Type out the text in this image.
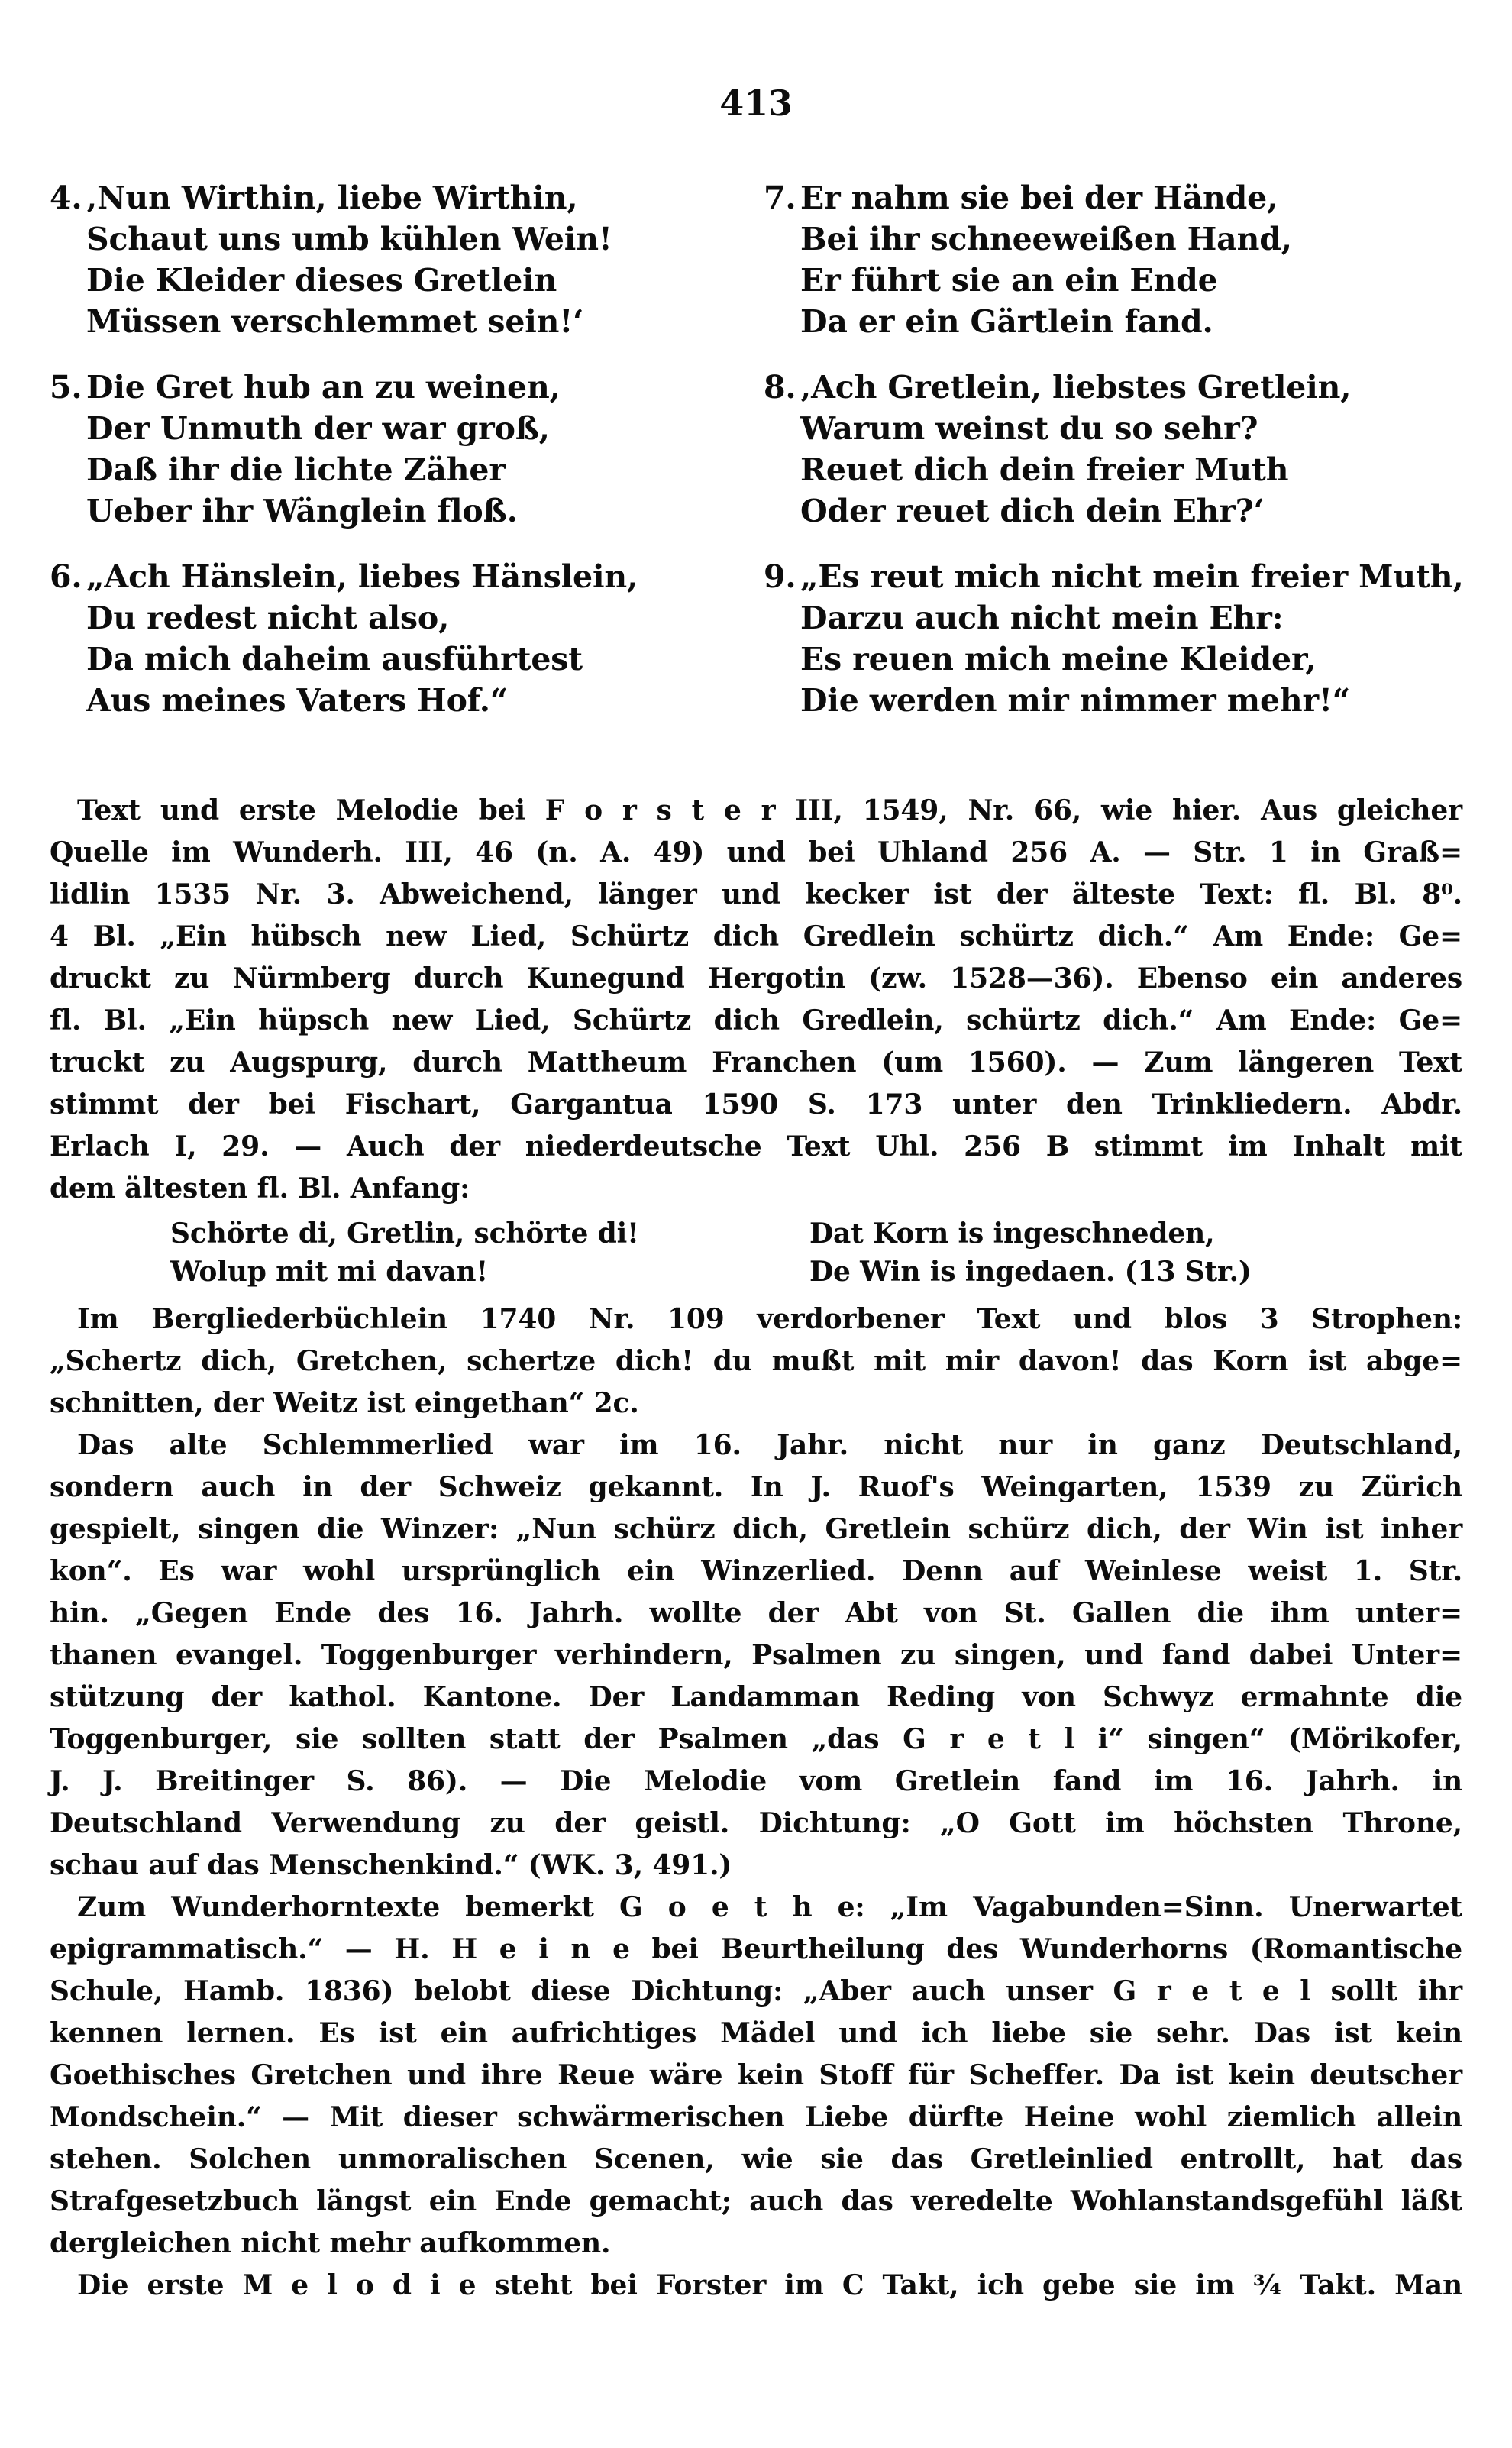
413
4. ‚Nun Wirthin, liebe Wirthin,
Schaut uns umb kühlen Wein!
Die Kleider dieses Gretlein
Müssen verschlemmet sein!‘
5. Die Gret hub an zu weinen,
Der Unmuth der war groß,
Daß ihr die lichte Zäher
Ueber ihr Wänglein floß.
6. „Ach Hänslein, liebes Hänslein,
Du redest nicht also,
Da mich daheim ausführtest
Aus meines Vaters Hof.“
7. Er nahm sie bei der Hände,
Bei ihr schneeweißen Hand,
Er führt sie an ein Ende
Da er ein Gärtlein fand.
8. ‚Ach Gretlein, liebstes Gretlein,
Warum weinst du so sehr?
Reuet dich dein freier Muth
Oder reuet dich dein Ehr?‘
9. „Es reut mich nicht mein freier Muth,
Darzu auch nicht mein Ehr:
Es reuen mich meine Kleider,
Die werden mir nimmer mehr!“
Text und erste Melodie bei F o r s t e r III, 1549, Nr. 66, wie hier. Aus gleicher
Quelle im Wunderh. III, 46 (n. A. 49) und bei Uhland 256 A. — Str. 1 in Graß=
lidlin 1535 Nr. 3. Abweichend, länger und kecker ist der älteste Text: fl. Bl. 8⁰.
4 Bl. „Ein hübsch new Lied, Schürtz dich Gredlein schürtz dich.“ Am Ende: Ge=
druckt zu Nürmberg durch Kunegund Hergotin (zw. 1528—36). Ebenso ein anderes
fl. Bl. „Ein hüpsch new Lied, Schürtz dich Gredlein, schürtz dich.“ Am Ende: Ge=
truckt zu Augspurg, durch Mattheum Franchen (um 1560). — Zum längeren Text
stimmt der bei Fischart, Gargantua 1590 S. 173 unter den Trinkliedern. Abdr.
Erlach I, 29. — Auch der niederdeutsche Text Uhl. 256 B stimmt im Inhalt mit
dem ältesten fl. Bl. Anfang:
Schörte di, Gretlin, schörte di!
Wolup mit mi davan!
Dat Korn is ingeschneden,
De Win is ingedaen. (13 Str.)
Im Bergliederbüchlein 1740 Nr. 109 verdorbener Text und blos 3 Strophen:
„Schertz dich, Gretchen, schertze dich! du mußt mit mir davon! das Korn ist abge=
schnitten, der Weitz ist eingethan“ 2c.
Das alte Schlemmerlied war im 16. Jahr. nicht nur in ganz Deutschland,
sondern auch in der Schweiz gekannt. In J. Ruof's Weingarten, 1539 zu Zürich
gespielt, singen die Winzer: „Nun schürz dich, Gretlein schürz dich, der Win ist inher
kon“. Es war wohl ursprünglich ein Winzerlied. Denn auf Weinlese weist 1. Str.
hin. „Gegen Ende des 16. Jahrh. wollte der Abt von St. Gallen die ihm unter=
thanen evangel. Toggenburger verhindern, Psalmen zu singen, und fand dabei Unter=
stützung der kathol. Kantone. Der Landamman Reding von Schwyz ermahnte die
Toggenburger, sie sollten statt der Psalmen „das G r e t l i“ singen“ (Mörikofer,
J. J. Breitinger S. 86). — Die Melodie vom Gretlein fand im 16. Jahrh. in
Deutschland Verwendung zu der geistl. Dichtung: „O Gott im höchsten Throne,
schau auf das Menschenkind.“ (WK. 3, 491.)
Zum Wunderhorntexte bemerkt G o e t h e: „Im Vagabunden=Sinn. Unerwartet
epigrammatisch.“ — H. H e i n e bei Beurtheilung des Wunderhorns (Romantische
Schule, Hamb. 1836) belobt diese Dichtung: „Aber auch unser G r e t e l sollt ihr
kennen lernen. Es ist ein aufrichtiges Mädel und ich liebe sie sehr. Das ist kein
Goethisches Gretchen und ihre Reue wäre kein Stoff für Scheffer. Da ist kein deutscher
Mondschein.“ — Mit dieser schwärmerischen Liebe dürfte Heine wohl ziemlich allein
stehen. Solchen unmoralischen Scenen, wie sie das Gretleinlied entrollt, hat das
Strafgesetzbuch längst ein Ende gemacht; auch das veredelte Wohlanstandsgefühl läßt
dergleichen nicht mehr aufkommen.
Die erste M e l o d i e steht bei Forster im C Takt, ich gebe sie im ³⁄₄ Takt. Man
